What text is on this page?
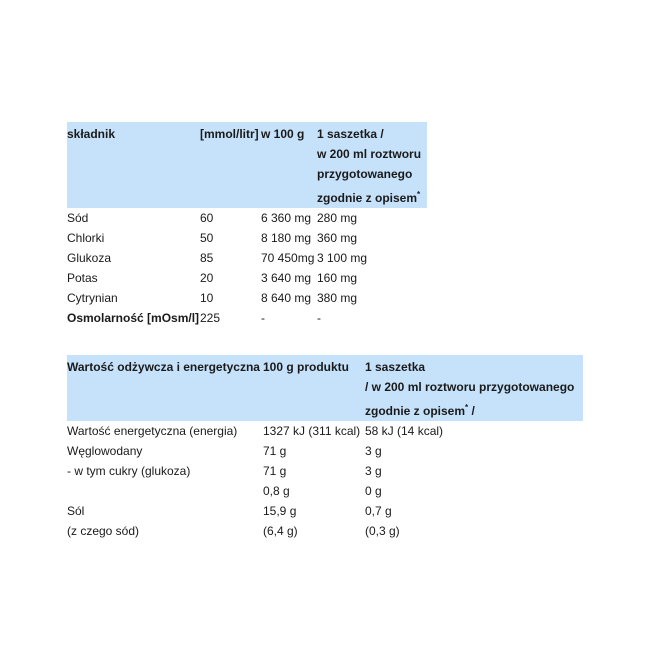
składnik	[mmol/litr]	w 100 g	1 saszetka /
w 200 ml roztworu
przygotowanego
zgodnie z opisem*

Sód	60	6 360 mg	280 mg
Chlorki	50	8 180 mg	360 mg
Glukoza	85	70 450mg	3 100 mg
Potas	20	3 640 mg	160 mg
Cytrynian	10	8 640 mg	380 mg
Osmolarność [mOsm/l]	225	-	-
Wartość odżywcza i energetyczna	100 g produktu	1 saszetka
/ w 200 ml roztworu przygotowanego
zgodnie z opisem* /

Wartość energetyczna (energia)	1327 kJ (311 kcal)	58 kJ (14 kcal)
Węglowodany	71 g	3 g
- w tym cukry (glukoza)	71 g	3 g
	0,8 g	0 g
Sól	15,9 g	0,7 g
(z czego sód)	(6,4 g)	(0,3 g)
